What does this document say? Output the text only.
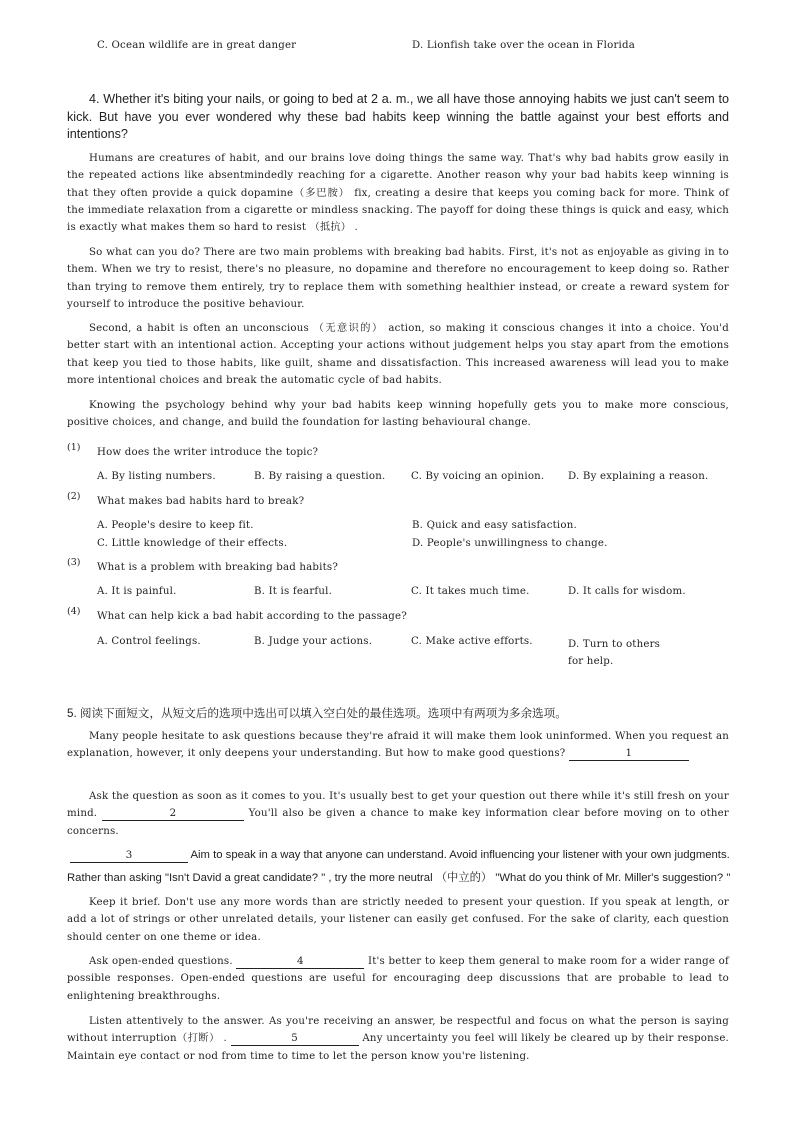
C. Ocean wildlife are in great danger	D. Lionfish take over the ocean in Florida
4. Whether it's biting your nails, or going to bed at 2 a. m., we all have those annoying habits we just can't seem to kick. But have you ever wondered why these bad habits keep winning the battle against your best efforts and intentions?

Humans are creatures of habit, and our brains love doing things the same way. That's why bad habits grow easily in the repeated actions like absentmindedly reaching for a cigarette. Another reason why your bad habits keep winning is that they often provide a quick dopamine（多巴胺） fix, creating a desire that keeps you coming back for more. Think of the immediate relaxation from a cigarette or mindless snacking. The payoff for doing these things is quick and easy, which is exactly what makes them so hard to resist （抵抗） .

So what can you do? There are two main problems with breaking bad habits. First, it's not as enjoyable as giving in to them. When we try to resist, there's no pleasure, no dopamine and therefore no encouragement to keep doing so. Rather than trying to remove them entirely, try to replace them with something healthier instead, or create a reward system for yourself to introduce the positive behaviour.

Second, a habit is often an unconscious （无意识的） action, so making it conscious changes it into a choice. You'd better start with an intentional action. Accepting your actions without judgement helps you stay apart from the emotions that keep you tied to those habits, like guilt, shame and dissatisfaction. This increased awareness will lead you to make more intentional choices and break the automatic cycle of bad habits.

Knowing the psychology behind why your bad habits keep winning hopefully gets you to make more conscious, positive choices, and change, and build the foundation for lasting behavioural change.

(1) How does the writer introduce the topic?
A. By listing numbers.	B. By raising a question.	C. By voicing an opinion.	D. By explaining a reason.
(2) What makes bad habits hard to break?
A. People's desire to keep fit.	B. Quick and easy satisfaction.
C. Little knowledge of their effects.	D. People's unwillingness to change.
(3) What is a problem with breaking bad habits?
A. It is painful.	B. It is fearful.	C. It takes much time.	D. It calls for wisdom.
(4) What can help kick a bad habit according to the passage?
A. Control feelings.	B. Judge your actions.	C. Make active efforts.	D. Turn to others for help.
5. 阅读下面短文，从短文后的选项中选出可以填入空白处的最佳选项。选项中有两项为多余选项。

Many people hesitate to ask questions because they're afraid it will make them look uninformed. When you request an explanation, however, it only deepens your understanding. But how to make good questions?	1

Ask the question as soon as it comes to you. It's usually best to get your question out there while it's still fresh on your mind.	2	You'll also be given a chance to make key information clear before moving on to other concerns.

3	Aim to speak in a way that anyone can understand. Avoid influencing your listener with your own judgments.
Rather than asking "Isn't David a great candidate? " , try the more neutral （中立的） "What do you think of Mr. Miller's suggestion? "

Keep it brief. Don't use any more words than are strictly needed to present your question. If you speak at length, or add a lot of strings or other unrelated details, your listener can easily get confused. For the sake of clarity, each question should center on one theme or idea.

Ask open-ended questions.	4	It's better to keep them general to make room for a wider range of possible responses. Open-ended questions are useful for encouraging deep discussions that are probable to lead to enlightening breakthroughs.

Listen attentively to the answer. As you're receiving an answer, be respectful and focus on what the person is saying without interruption（打断） .	5	Any uncertainty you feel will likely be cleared up by their response. Maintain eye contact or nod from time to time to let the person know you're listening.
